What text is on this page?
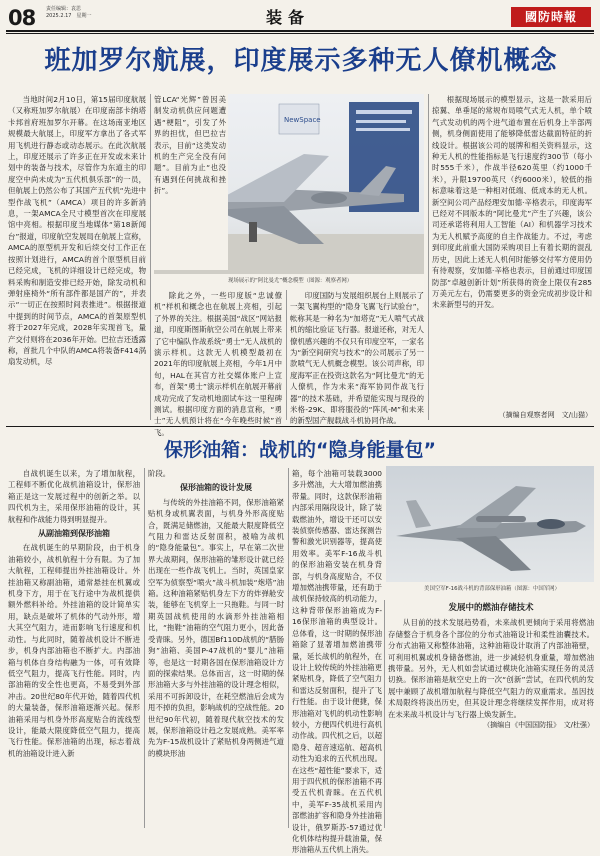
08 责任编辑：袁思
2025.2.17　星期一	装备	國防時報
班加罗尔航展，印度展示多种无人僚机概念

当地时间2月10日，第15届印度航展（又称班加罗尔航展）在印度南部卡纳塔卡邦首府班加罗尔开幕。在这场南亚地区规模最大航展上，印度军方拿出了各式军用飞机进行静态或动态展示。在此次航展上，印度还展示了许多正在开发或未来计划中的装备与技术，尽管作为东道主的印度空中尚未成为“五代机俱乐部”的一员，但航展上仍然公布了其国产五代机“先进中型作战飞机”（AMCA）项目的许多新消息，一架AMCA全尺寸模型首次在印度展馆中亮相。根据印度当地媒体“第18新闻台”报道，印度航空发展局在航展上宣称，AMCA的原型机开发和后续交付工作正在按照计划进行，AMCA的首个原型机目前已经完成，飞机的详细设计已经完成，物料采购和制造安排已经开始，除发动机和弹射座椅外“所有部件都是国产的”，并表示“一切正在按照时间表推进”。根据报道中提到的时间节点，AMCA的首架原型机将于2027年完成，2028年实现首飞，量产交付则将在2036年开始。巴拉吉还透露称，首批几个中队的AMCA将装备F414涡扇发动机，尽

NewSpace
现场展示的“阿比曼尤”概念模型（图源：观察者网）

管LCA“光辉”曾因美制发动机供应问题遭遇“梗阻”，引发了外界的担忧，但巴拉吉表示，目前“这类发动机的生产完全没有问题”。目前为止“也没有遇到任何挑战和挫折”。

除此之外，一些印度版“忠诚僚机”样机和概念也在航展上亮相，引起了外界的关注。根据美国“战区”网站报道，印度斯图斯航空公司在航展上带来了它中编队作战系统“勇士”无人战机的演示样机。这款无人机模型最初在2021年的印度航展上亮相，今年1月中旬，HAL在其官方社交媒体账户上宣布，首架“勇士”演示样机在航展开幕前成功完成了发动机地面试车这一里程碑测试。根据印度方面的消息宣称，“勇士”无人机预计将在“今年晚些时候”首飞。

印度国防与发展组织展台上则展示了一架飞翼构型的“隐身飞翼飞行试验台”，帐称其是一种名为“加塔克”无人喷气式战机的缩比验证飞行器。报道还称，对无人僚机感兴趣的不仅只有印度空军，一家名为“新空间研究与技术”的公司展示了另一款喷气无人机概念模型。该公司声称，印度海军正在投资这款名为“阿比曼尤”的无人僚机，作为未来“海军协同作战飞行器”的技术基础，并希望能实现与现役的米格-29K、即将服役的“阵风-M”和未来的新型国产舰载战斗机协同作战。

根据现场展示的模型显示，这是一款采用后掠翼、单垂尾的常规布局喷气式无人机，单个喷气式发动机的两个进气道布置在后机身上半部两侧，机身侧面使用了能够降低雷达截面特征的折线设计。根据该公司的展牌和相关资料显示，这种无人机的性能指标是飞行速度约300节（每小时555千米），作战半径620英里（约1000千米），升限19700英尺（约6000米），较低的指标意味着这是一种相对低端、低成本的无人机。新空间公司产品经理安加德·辛格表示，印度海军已经对不同版本的“阿比曼尤”产生了兴趣，该公司还承诺将利用人工智能（AI）和机器学习技术为无人机赋予高度的自主作战能力。不过，考虑到印度此前重大国防采购项目上有着长期的混乱历史，因此上述无人机何时能够交付军方使用仍有待观察，安加德·辛格也表示，目前通过印度国防部“卓越创新计划”所获得的资金上限仅有285万美元左右，仍需要更多的资金完成初步设计和未来新型号的开发。

（摘编自观察者网　文/山猫）
保形油箱：战机的“隐身能量包”

自战机诞生以来，为了增加航程，工程师不断优化战机油箱设计，保形油箱正是这一发展过程中的创新之举。以四代机为主，采用保形油箱的设计，其航程和作战能力得到明显提升。

从副油箱到保形油箱

在战机诞生的早期阶段，由于机身油箱较小，战机航程十分有限。为了加大航程，工程师提出外挂油箱设计。外挂油箱又称副油箱，通常悬挂在机翼或机身下方，用于在飞行途中为战机提供额外燃料补给。外挂油箱的设计简单实用，缺点是破坏了机体的气动外形，增大其空气阻力，进而影响飞行速度和机动性。与此同时，随着战机设计不断进步，机身内部油箱也不断扩大。内部油箱与机体自身结构融为一体，可有效降低空气阻力，提高飞行性能。同时，内部油箱的安全性也更高，不易受到外部冲击。20世纪80年代开始，随着四代机的大量装备，保形油箱逐渐兴起。保形油箱采用与机身外形高度贴合的流线型设计，能最大限度降低空气阻力，提高飞行性能。保形油箱的出现，标志着战机的油箱设计进入新

阶段。

保形油箱的设计发展

与传统的外挂油箱不同，保形油箱紧贴机身或机翼表面，与机身外形高度贴合，既满足储燃油，又能最大限度降低空气阻力和雷达反射面积，被喻为战机的“隐身能量包”。事实上，早在第二次世界大战期间，保形油箱的雏形设计就已经出现在一些作战飞机上。当时，英国皇家空军为侦察型“喷火”战斗机加装“炮塔”油箱。这种油箱紧贴机身左下方的炸弹舱安装，能够在飞机穿上一只拖鞋。与同一时期英国战机使用的水滴形外挂油箱相比，“拖鞋”油箱的空气阻力更小，因此备受青睐。另外，德国Bf110D战机的“腊肠狗”油箱、美国P-47战机的“婴儿”油箱等，也是这一时期各国在保形油箱设计方面的探索结果。总体而言，这一时期的保形油箱大多与外挂油箱的设计理念相似，采用不可拆卸设计，在耗空燃油后会成为甩不掉的负担，影响战机的空战性能。20世纪90年代初，随着现代航空技术的发展，保形油箱设计趋之发展成熟。美军率先为F-15战机设计了紧贴机身两侧进气道的模块形油

箱，每个油箱可装载3000多升燃油，大大增加燃油携带量。同时，这款保形油箱内部采用隔段设计，除了装载燃油外，增设干还可以安装侦察传感器、雷达探测告警和激光识别器等，提高使用效率。美军F-16战斗机的保形油箱安装在机身背部，与机身高度贴合，不仅增加燃油携带量，还有助于战机保持较高的机动能力，这种背带保形油箱成为F-16保形油箱的典型设计。总体看，这一时期的保形油箱除了显著增加燃油携带量，延长战机的航程外，在设计上较传统的外挂油箱更紧贴机身，降低了空气阻力和雷达反射面积，提升了飞行性能。由于设计便捷，保形油箱对飞机的机动性影响较小，方便四代机进行高机动作战。四代机之后，以超隐身、超音速巡航、超高机动性为追求的五代机出现。在这些“超性能”要求下，适用于四代机的保形油箱不再受五代机青睐。在五代机中，美军F-35战机采用内部燃油扩容和隐身外挂油箱设计，俄罗斯苏-57通过优化机体结构提升载油量，保形油箱从五代机上消失。

美国空军F-16战斗机的背部保形油箱（图源：中国军网）
发展中的燃油存储技术

从目前的技术发展趋势看，未来战机更倾向于采用将燃油存储整合于机身各个部位的分布式油箱设计和柔性油囊技术。分布式油箱又称整体油箱，这种油箱设计取消了内部油箱壁，可利用机翼或机身储备燃油，进一步减轻机身重量，增加燃油携带量。另外，无人机如尝试通过模块化油箱实现任务的灵活切换。保形油箱是航空史上的一次“创新”尝试，在四代机的发展中兼顾了战机增加航程与降低空气阻力的双重需求。虽因技术局限终将淡出历史，但其设计理念将继续发挥作用，成对将在未来战斗机设计与飞行器上焕发新生。

（摘编自《中国国防报》　文/杜强）
